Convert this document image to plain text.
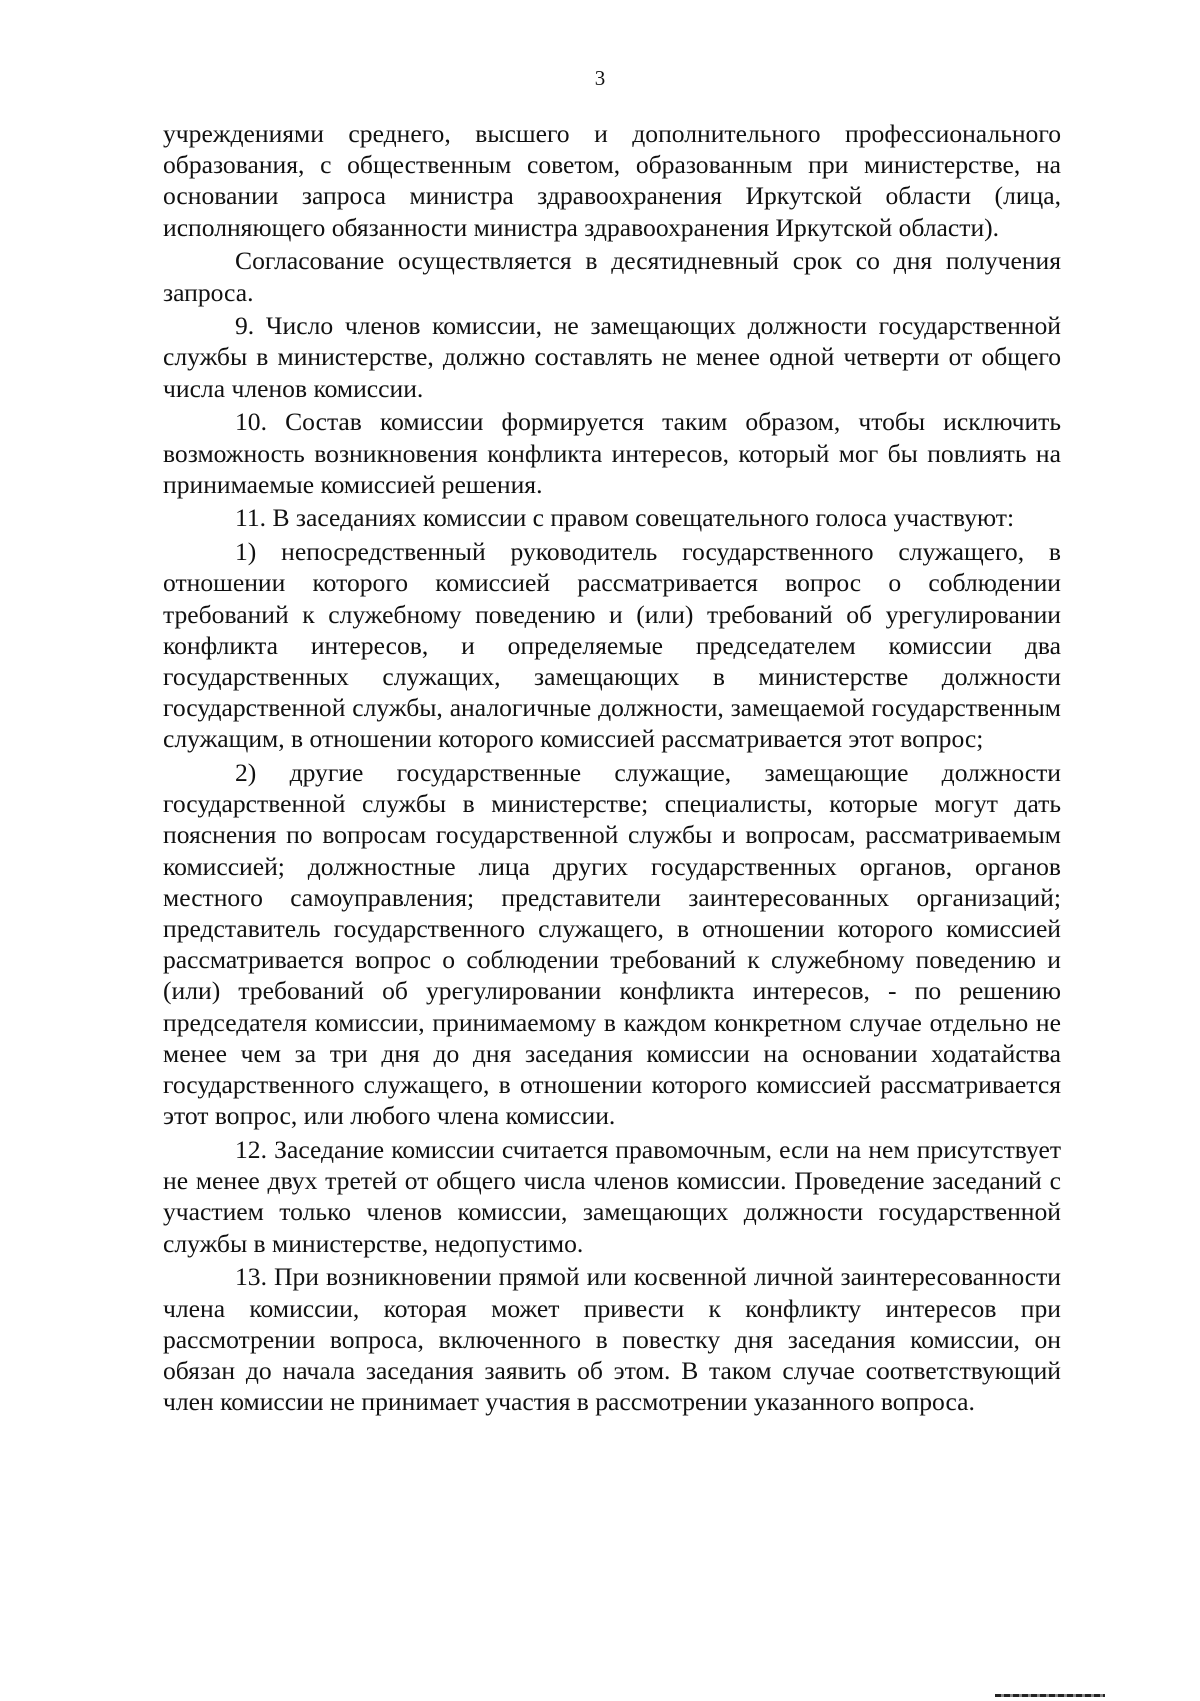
3

учреждениями среднего, высшего и дополнительного профессионального образования, с общественным советом, образованным при министерстве, на основании запроса министра здравоохранения Иркутской области (лица, исполняющего обязанности министра здравоохранения Иркутской области).

Согласование осуществляется в десятидневный срок со дня получения запроса.

9. Число членов комиссии, не замещающих должности государственной службы в министерстве, должно составлять не менее одной четверти от общего числа членов комиссии.

10. Состав комиссии формируется таким образом, чтобы исключить возможность возникновения конфликта интересов, который мог бы повлиять на принимаемые комиссией решения.

11. В заседаниях комиссии с правом совещательного голоса участвуют:

1) непосредственный руководитель государственного служащего, в отношении которого комиссией рассматривается вопрос о соблюдении требований к служебному поведению и (или) требований об урегулировании конфликта интересов, и определяемые председателем комиссии два государственных служащих, замещающих в министерстве должности государственной службы, аналогичные должности, замещаемой государственным служащим, в отношении которого комиссией рассматривается этот вопрос;

2) другие государственные служащие, замещающие должности государственной службы в министерстве; специалисты, которые могут дать пояснения по вопросам государственной службы и вопросам, рассматриваемым комиссией; должностные лица других государственных органов, органов местного самоуправления; представители заинтересованных организаций; представитель государственного служащего, в отношении которого комиссией рассматривается вопрос о соблюдении требований к служебному поведению и (или) требований об урегулировании конфликта интересов, - по решению председателя комиссии, принимаемому в каждом конкретном случае отдельно не менее чем за три дня до дня заседания комиссии на основании ходатайства государственного служащего, в отношении которого комиссией рассматривается этот вопрос, или любого члена комиссии.

12. Заседание комиссии считается правомочным, если на нем присутствует не менее двух третей от общего числа членов комиссии. Проведение заседаний с участием только членов комиссии, замещающих должности государственной службы в министерстве, недопустимо.

13. При возникновении прямой или косвенной личной заинтересованности члена комиссии, которая может привести к конфликту интересов при рассмотрении вопроса, включенного в повестку дня заседания комиссии, он обязан до начала заседания заявить об этом. В таком случае соответствующий член комиссии не принимает участия в рассмотрении указанного вопроса.
